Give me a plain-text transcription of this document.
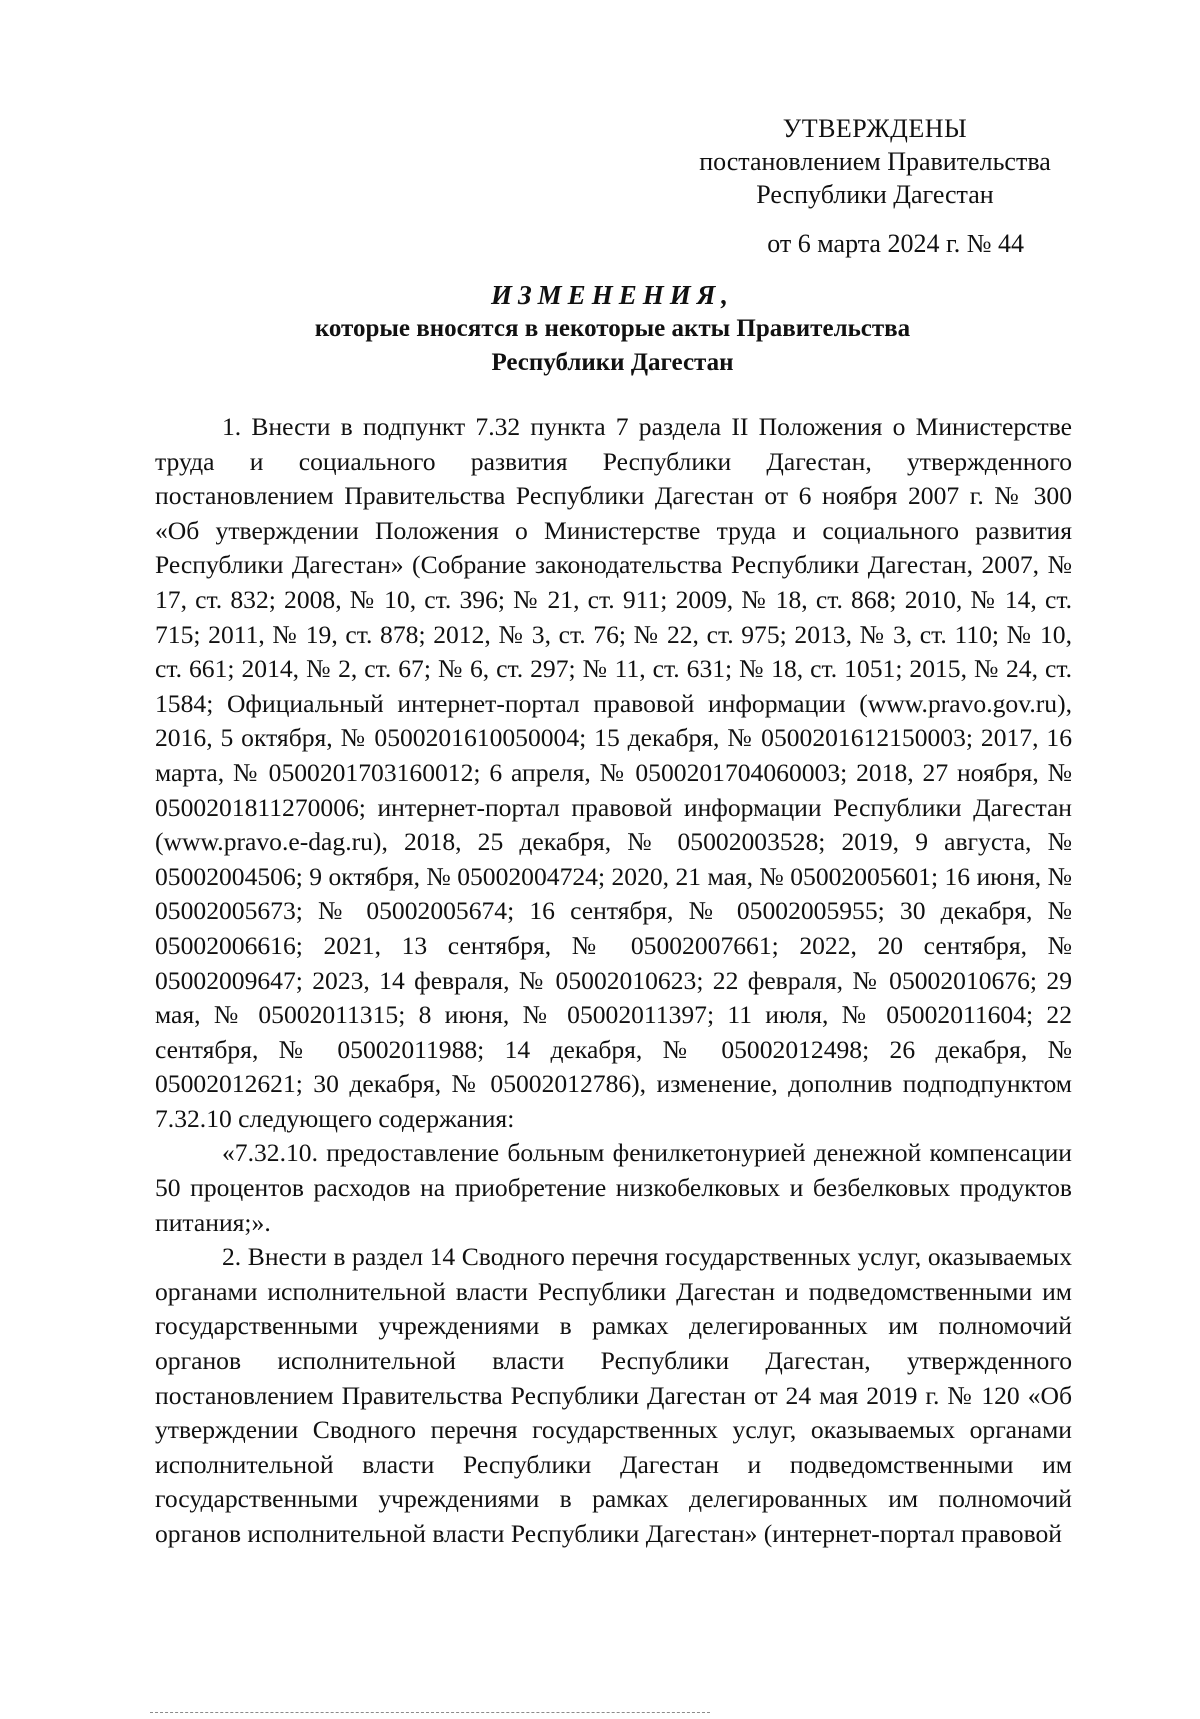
УТВЕРЖДЕНЫ
постановлением Правительства
Республики Дагестан
от 6 марта 2024 г. № 44
ИЗМЕНЕНИЯ,
которые вносятся в некоторые акты Правительства
Республики Дагестан

1. Внести в подпункт 7.32 пункта 7 раздела II Положения о Министерстве труда и социального развития Республики Дагестан, утвержденного постановлением Правительства Республики Дагестан от 6 ноября 2007 г. № 300 «Об утверждении Положения о Министерстве труда и социального развития Республики Дагестан» (Собрание законодательства Республики Дагестан, 2007, № 17, ст. 832; 2008, № 10, ст. 396; № 21, ст. 911; 2009, № 18, ст. 868; 2010, № 14, ст. 715; 2011, № 19, ст. 878; 2012, № 3, ст. 76; № 22, ст. 975; 2013, № 3, ст. 110; № 10, ст. 661; 2014, № 2, ст. 67; № 6, ст. 297; № 11, ст. 631; № 18, ст. 1051; 2015, № 24, ст. 1584; Официальный интернет-портал правовой информации (www.pravo.gov.ru), 2016, 5 октября, № 0500201610050004; 15 декабря, № 0500201612150003; 2017, 16 марта, № 0500201703160012; 6 апреля, № 0500201704060003; 2018, 27 ноября, № 0500201811270006; интернет-портал правовой информации Республики Дагестан (www.pravo.e-dag.ru), 2018, 25 декабря, № 05002003528; 2019, 9 августа, № 05002004506; 9 октября, № 05002004724; 2020, 21 мая, № 05002005601; 16 июня, № 05002005673; № 05002005674; 16 сентября, № 05002005955; 30 декабря, № 05002006616; 2021, 13 сентября, № 05002007661; 2022, 20 сентября, № 05002009647; 2023, 14 февраля, № 05002010623; 22 февраля, № 05002010676; 29 мая, № 05002011315; 8 июня, № 05002011397; 11 июля, № 05002011604; 22 сентября, № 05002011988; 14 декабря, № 05002012498; 26 декабря, № 05002012621; 30 декабря, № 05002012786), изменение, дополнив подподпунктом 7.32.10 следующего содержания:

«7.32.10. предоставление больным фенилкетонурией денежной компенсации 50 процентов расходов на приобретение низкобелковых и безбелковых продуктов питания;».

2. Внести в раздел 14 Сводного перечня государственных услуг, оказываемых органами исполнительной власти Республики Дагестан и подведомственными им государственными учреждениями в рамках делегированных им полномочий органов исполнительной власти Республики Дагестан, утвержденного постановлением Правительства Республики Дагестан от 24 мая 2019 г. № 120 «Об утверждении Сводного перечня государственных услуг, оказываемых органами исполнительной власти Республики Дагестан и подведомственными им государственными учреждениями в рамках делегированных им полномочий органов исполнительной власти Республики Дагестан» (интернет-портал правовой
